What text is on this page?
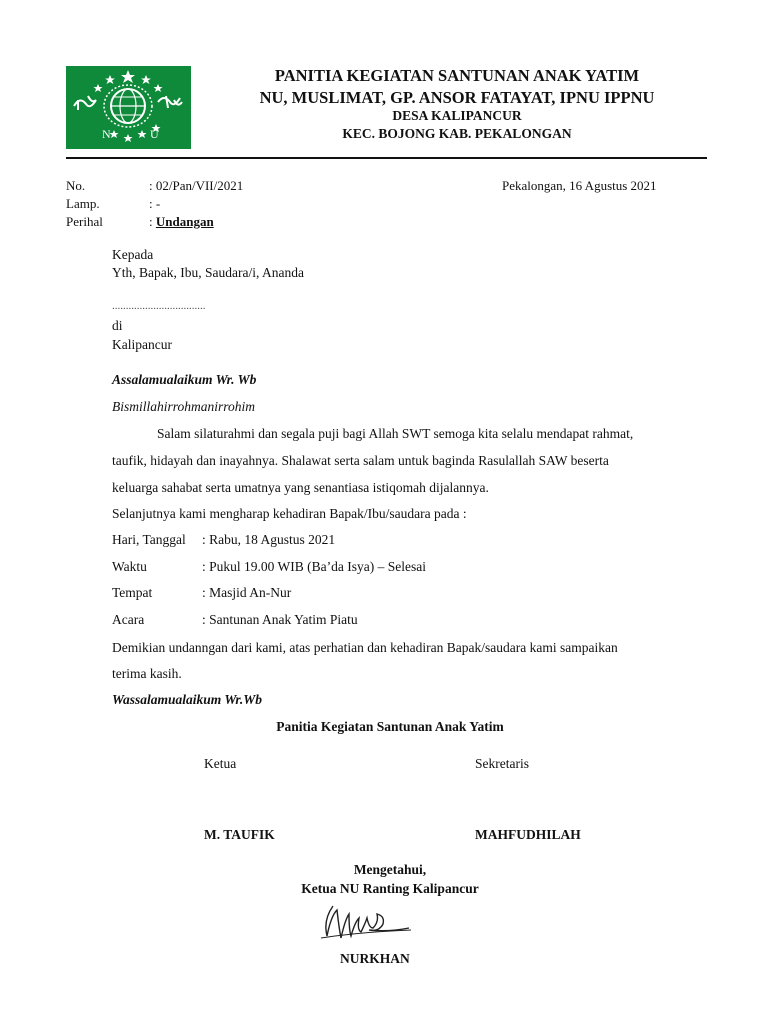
N	U
PANITIA KEGIATAN SANTUNAN ANAK YATIM
NU, MUSLIMAT, GP. ANSOR FATAYAT, IPNU IPPNU
DESA KALIPANCUR
KEC. BOJONG KAB. PEKALONGAN
No.	: 02/Pan/VII/2021	Pekalongan, 16 Agustus 2021
Lamp.	: -
Perihal	: Undangan
Kepada
Yth, Bapak, Ibu, Saudara/i, Ananda
..................................
di
Kalipancur
Assalamualaikum Wr. Wb
Bismillahirrohmanirrohim
Salam silaturahmi dan segala puji bagi Allah SWT semoga kita selalu mendapat rahmat,
taufik, hidayah dan inayahnya. Shalawat serta salam untuk baginda Rasulallah SAW beserta
keluarga sahabat serta umatnya yang senantiasa istiqomah dijalannya.
Selanjutnya kami mengharap kehadiran Bapak/Ibu/saudara pada :
Hari, Tanggal : Rabu, 18 Agustus 2021
Waktu	: Pukul 19.00 WIB (Ba’da Isya) – Selesai
Tempat	: Masjid An-Nur
Acara	: Santunan Anak Yatim Piatu
Demikian undanngan dari kami, atas perhatian dan kehadiran Bapak/saudara kami sampaikan
terima kasih.
Wassalamualaikum Wr.Wb
Panitia Kegiatan Santunan Anak Yatim
Ketua	Sekretaris
M. TAUFIK	MAHFUDHILAH
Mengetahui,
Ketua NU Ranting Kalipancur
NURKHAN
